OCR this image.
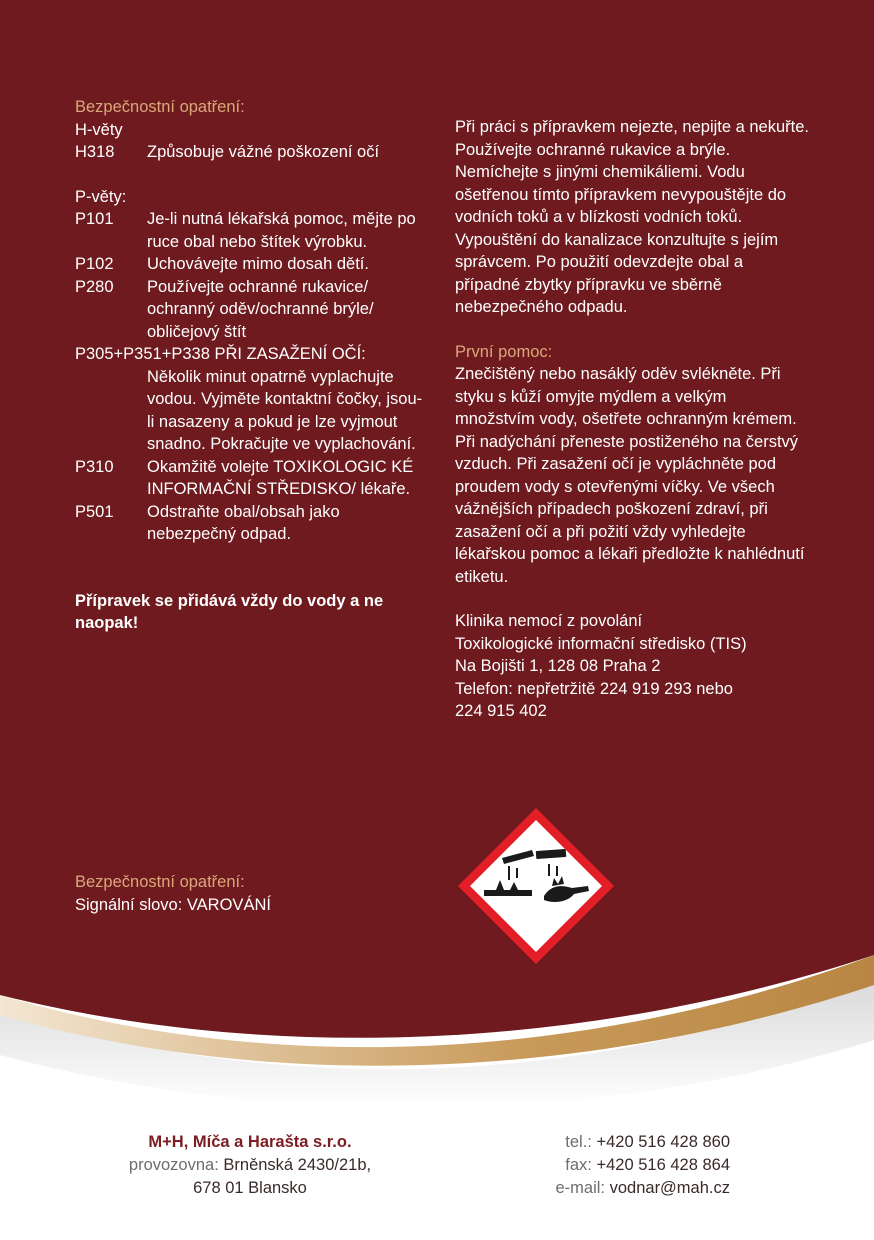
Bezpečnostní opatření:
H-věty
H318	Způsobuje vážné poškození očí
P-věty:
P101	Je-li nutná lékařská pomoc, mějte po ruce obal nebo štítek výrobku.
P102	Uchovávejte mimo dosah dětí.
P280	Používejte ochranné rukavice/ ochranný oděv/ochranné brýle/ obličejový štít
P305+P351+P338 PŘI ZASAŽENÍ OČÍ:
Několik minut opatrně vyplachujte vodou. Vyjměte kontaktní čočky, jsou-li nasazeny a pokud je lze vyjmout snadno. Pokračujte ve vyplachování.
P310	Okamžitě volejte TOXIKOLOGIC KÉ INFORMAČNÍ STŘEDISKO/ lékaře.
P501	Odstraňte obal/obsah jako nebezpečný odpad.
Přípravek se přidává vždy do vody a ne naopak!
Při práci s přípravkem nejezte, nepijte a nekuřte. Používejte ochranné rukavice a brýle. Nemíchejte s jinými chemikáliemi. Vodu ošetřenou tímto přípravkem nevypouštějte do vodních toků a v blízkosti vodních toků. Vypouštění do kanalizace konzultujte s jejím správcem. Po použití odevzdejte obal a případné zbytky přípravku ve sběrně nebezpečného odpadu.
První pomoc:
Znečištěný nebo nasáklý oděv svlékněte. Při styku s kůží omyjte mýdlem a velkým množstvím vody, ošetřete ochranným krémem. Při nadýchání přeneste postiženého na čerstvý vzduch. Při zasažení očí je vypláchněte pod proudem vody s otevřenými víčky. Ve všech vážnějších případech poškození zdraví, při zasažení očí a při požití vždy vyhledejte lékařskou pomoc a lékaři předložte k nahlédnutí etiketu.
Klinika nemocí z povolání
Toxikologické informační středisko (TIS)
Na Bojišti 1, 128 08 Praha 2
Telefon: nepřetržitě 224 919 293 nebo
224 915 402
Bezpečnostní opatření:
Signální slovo: VAROVÁNÍ
M+H, Míča a Harašta s.r.o.
provozovna: Brněnská 2430/21b,
678 01 Blansko
tel.: +420 516 428 860
fax: +420 516 428 864
e-mail: vodnar@mah.cz
